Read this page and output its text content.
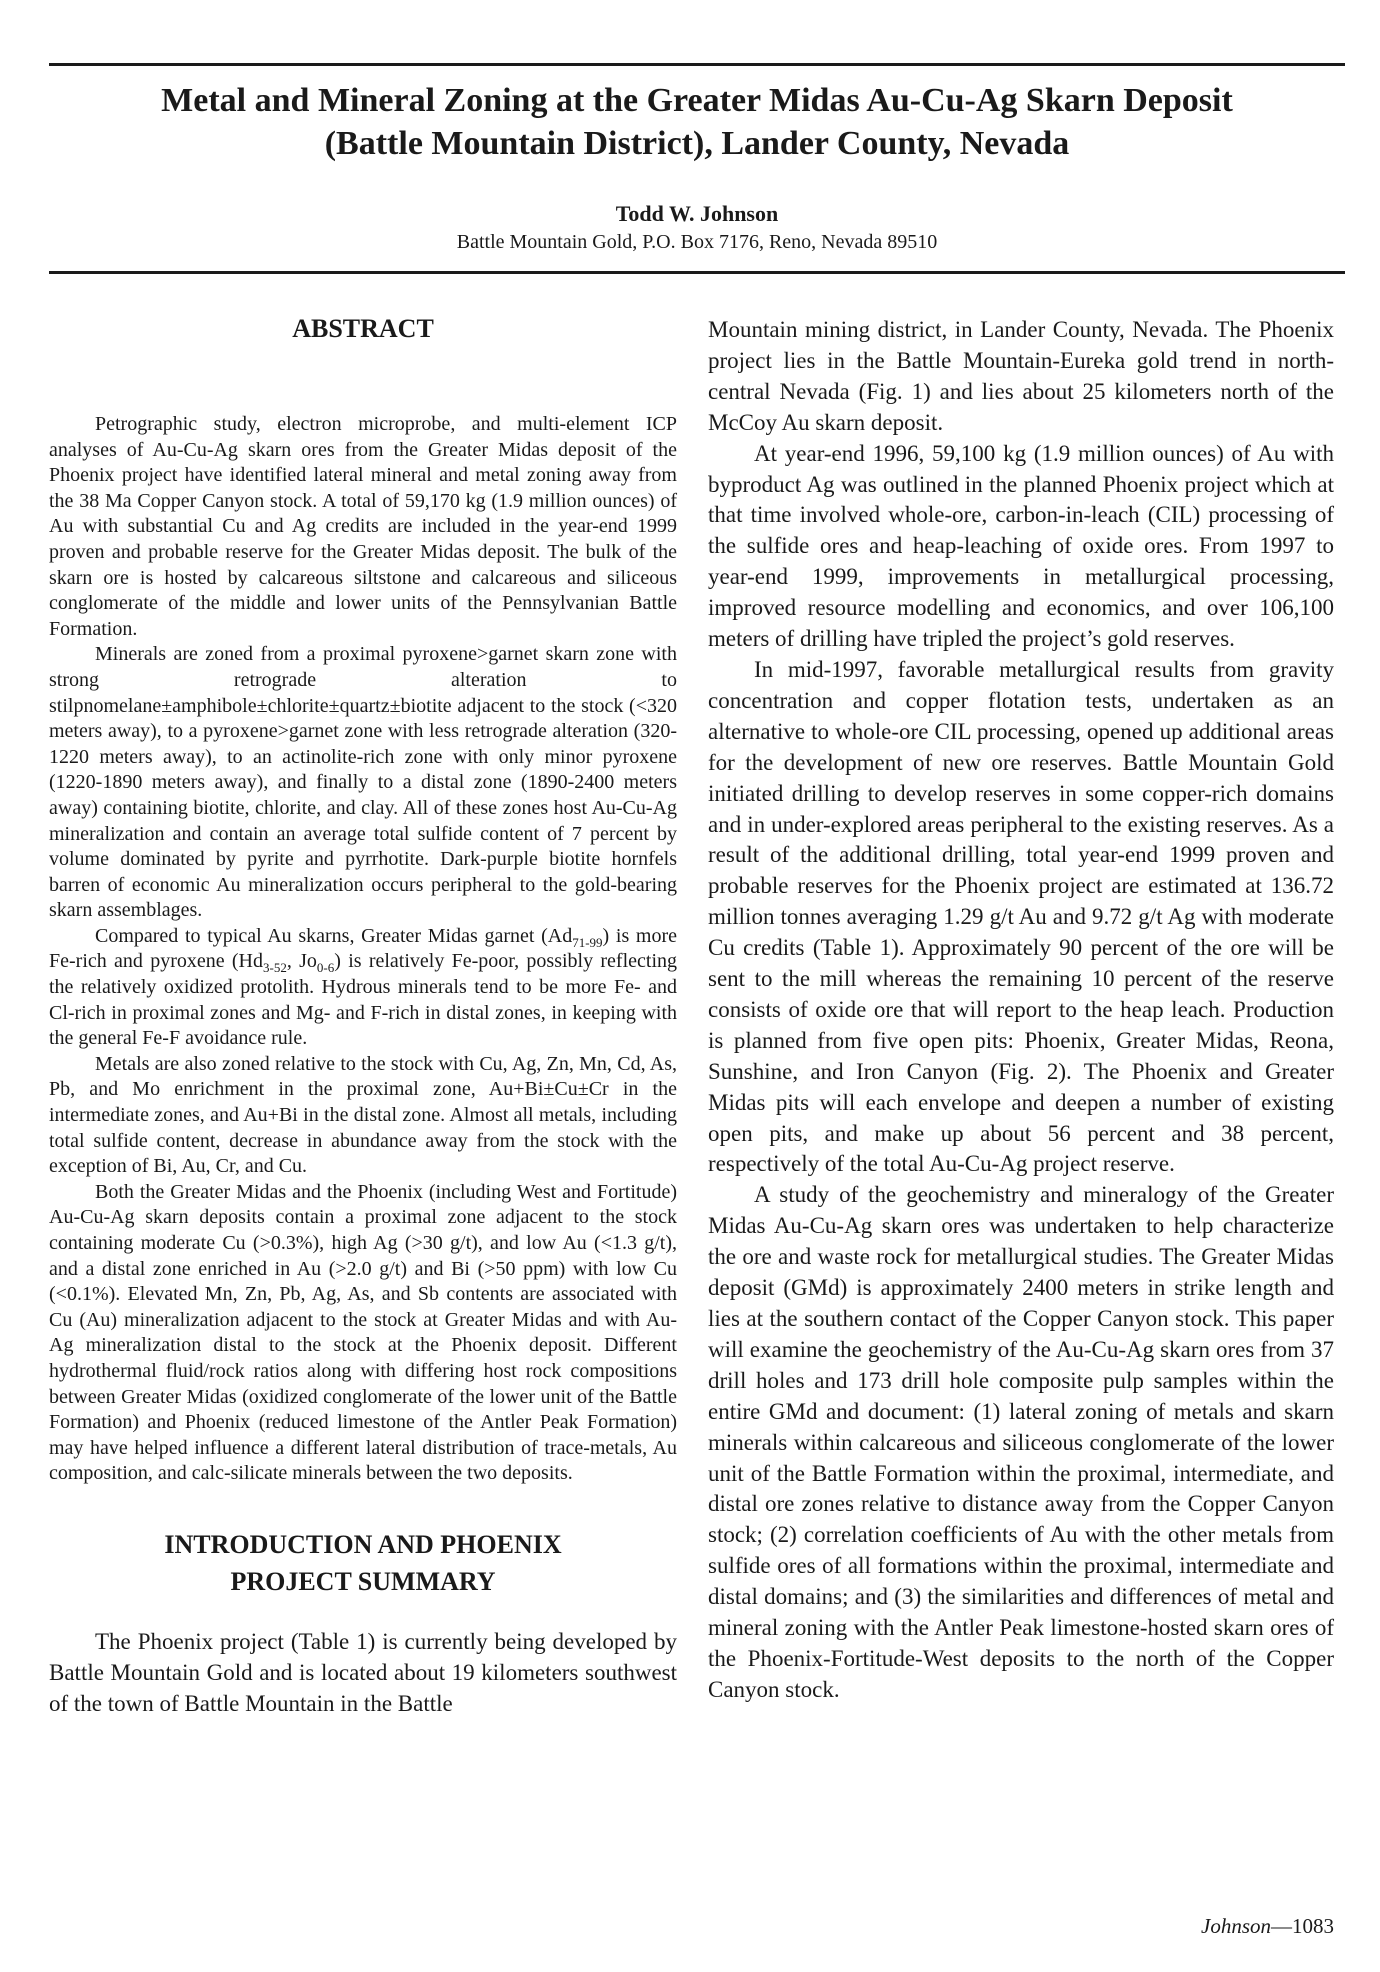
Metal and Mineral Zoning at the Greater Midas Au-Cu-Ag Skarn Deposit
(Battle Mountain District), Lander County, Nevada
Todd W. Johnson
Battle Mountain Gold, P.O. Box 7176, Reno, Nevada 89510
ABSTRACT

Petrographic study, electron microprobe, and multi-element ICP analyses of Au-Cu-Ag skarn ores from the Greater Midas deposit of the Phoenix project have identified lateral mineral and metal zoning away from the 38 Ma Copper Canyon stock. A total of 59,170 kg (1.9 million ounces) of Au with substantial Cu and Ag credits are included in the year-end 1999 proven and probable reserve for the Greater Midas deposit. The bulk of the skarn ore is hosted by calcareous siltstone and calcareous and siliceous conglomerate of the middle and lower units of the Pennsylvanian Battle Formation.

Minerals are zoned from a proximal pyroxene>garnet skarn zone with strong retrograde alteration to stilpnomelane±amphibole±chlorite±quartz±biotite adjacent to the stock (<320 meters away), to a pyroxene>garnet zone with less retrograde alteration (320-1220 meters away), to an actinolite-rich zone with only minor pyroxene (1220-1890 meters away), and finally to a distal zone (1890-2400 meters away) containing biotite, chlorite, and clay. All of these zones host Au-Cu-Ag mineralization and contain an average total sulfide content of 7 percent by volume dominated by pyrite and pyrrhotite. Dark-purple biotite hornfels barren of economic Au mineralization occurs peripheral to the gold-bearing skarn assemblages.

Compared to typical Au skarns, Greater Midas garnet $(Ad_{71-99})$ is more Fe-rich and pyroxene ($Hd_{3-52}$, $Jo_{0-6}$) is relatively Fe-poor, possibly reflecting the relatively oxidized protolith. Hydrous minerals tend to be more Fe- and Cl-rich in proximal zones and Mg- and F-rich in distal zones, in keeping with the general Fe-F avoidance rule.

Metals are also zoned relative to the stock with Cu, Ag, Zn, Mn, Cd, As, Pb, and Mo enrichment in the proximal zone, Au+Bi±Cu±Cr in the intermediate zones, and Au+Bi in the distal zone. Almost all metals, including total sulfide content, decrease in abundance away from the stock with the exception of Bi, Au, Cr, and Cu.

Both the Greater Midas and the Phoenix (including West and Fortitude) Au-Cu-Ag skarn deposits contain a proximal zone adjacent to the stock containing moderate Cu (>0.3%), high Ag (>30 g/t), and low Au (<1.3 g/t), and a distal zone enriched in Au (>2.0 g/t) and Bi (>50 ppm) with low Cu (<0.1%). Elevated Mn, Zn, Pb, Ag, As, and Sb contents are associated with Cu (Au) mineralization adjacent to the stock at Greater Midas and with Au-Ag mineralization distal to the stock at the Phoenix deposit. Different hydrothermal fluid/rock ratios along with differing host rock compositions between Greater Midas (oxidized conglomerate of the lower unit of the Battle Formation) and Phoenix (reduced limestone of the Antler Peak Formation) may have helped influence a different lateral distribution of trace-metals, Au composition, and calc-silicate minerals between the two deposits.

INTRODUCTION AND PHOENIX
PROJECT SUMMARY

The Phoenix project (Table 1) is currently being developed by Battle Mountain Gold and is located about 19 kilometers southwest of the town of Battle Mountain in the Battle

Mountain mining district, in Lander County, Nevada. The Phoenix project lies in the Battle Mountain-Eureka gold trend in north-central Nevada (Fig. 1) and lies about 25 kilometers north of the McCoy Au skarn deposit.

At year-end 1996, 59,100 kg (1.9 million ounces) of Au with byproduct Ag was outlined in the planned Phoenix project which at that time involved whole-ore, carbon-in-leach (CIL) processing of the sulfide ores and heap-leaching of oxide ores. From 1997 to year-end 1999, improvements in metallurgical processing, improved resource modelling and economics, and over 106,100 meters of drilling have tripled the project’s gold reserves.

In mid-1997, favorable metallurgical results from gravity concentration and copper flotation tests, undertaken as an alternative to whole-ore CIL processing, opened up additional areas for the development of new ore reserves. Battle Mountain Gold initiated drilling to develop reserves in some copper-rich domains and in under-explored areas peripheral to the existing reserves. As a result of the additional drilling, total year-end 1999 proven and probable reserves for the Phoenix project are estimated at 136.72 million tonnes averaging 1.29 g/t Au and 9.72 g/t Ag with moderate Cu credits (Table 1). Approximately 90 percent of the ore will be sent to the mill whereas the remaining 10 percent of the reserve consists of oxide ore that will report to the heap leach. Production is planned from five open pits: Phoenix, Greater Midas, Reona, Sunshine, and Iron Canyon (Fig. 2). The Phoenix and Greater Midas pits will each envelope and deepen a number of existing open pits, and make up about 56 percent and 38 percent, respectively of the total Au-Cu-Ag project reserve.

A study of the geochemistry and mineralogy of the Greater Midas Au-Cu-Ag skarn ores was undertaken to help characterize the ore and waste rock for metallurgical studies. The Greater Midas deposit (GMd) is approximately 2400 meters in strike length and lies at the southern contact of the Copper Canyon stock. This paper will examine the geochemistry of the Au-Cu-Ag skarn ores from 37 drill holes and 173 drill hole composite pulp samples within the entire GMd and document: (1) lateral zoning of metals and skarn minerals within calcareous and siliceous conglomerate of the lower unit of the Battle Formation within the proximal, intermediate, and distal ore zones relative to distance away from the Copper Canyon stock; (2) correlation coefficients of Au with the other metals from sulfide ores of all formations within the proximal, intermediate and distal domains; and (3) the similarities and differences of metal and mineral zoning with the Antler Peak limestone-hosted skarn ores of the Phoenix-Fortitude-West deposits to the north of the Copper Canyon stock.

Johnson—1083
